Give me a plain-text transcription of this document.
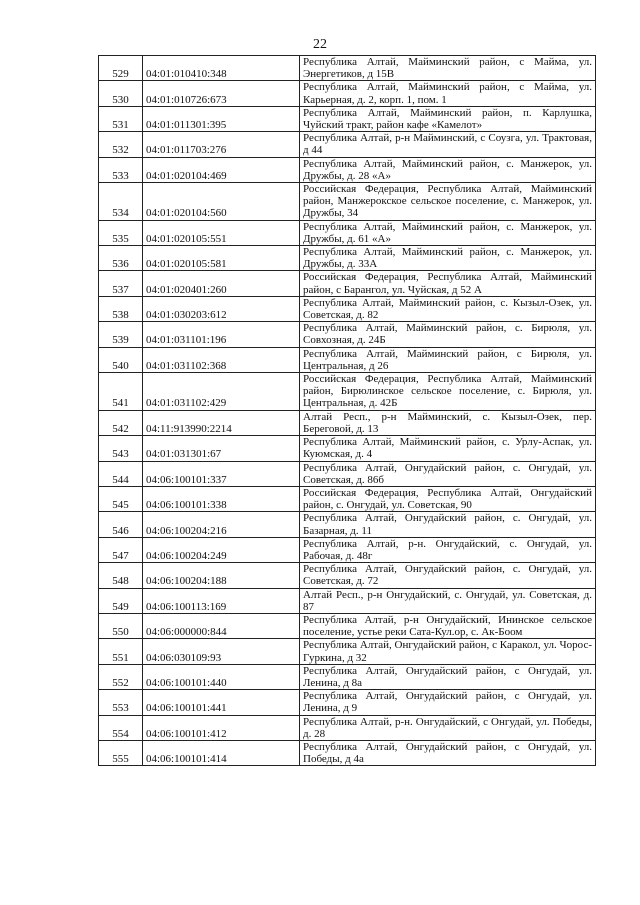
22
529	04:01:010410:348	Республика Алтай, Майминский район, с Майма, ул. Энергетиков, д 15В
530	04:01:010726:673	Республика Алтай, Майминский район, с Майма, ул. Карьерная, д. 2, корп. 1, пом. 1
531	04:01:011301:395	Республика Алтай, Майминский район, п. Карлушка, Чуйский тракт, район кафе «Камелот»
532	04:01:011703:276	Республика Алтай, р-н Майминский, с Соузга, ул. Трактовая, д 44
533	04:01:020104:469	Республика Алтай, Майминский район, с. Манжерок, ул. Дружбы, д. 28 «А»
534	04:01:020104:560	Российская Федерация, Республика Алтай, Майминский район, Манжерокское сельское поселение, с. Манжерок, ул. Дружбы, 34
535	04:01:020105:551	Республика Алтай, Майминский район, с. Манжерок, ул. Дружбы, д. 61 «А»
536	04:01:020105:581	Республика Алтай, Майминский район, с. Манжерок, ул. Дружбы, д. 33А
537	04:01:020401:260	Российская Федерация, Республика Алтай, Майминский район, с Барангол, ул. Чуйская, д 52 А
538	04:01:030203:612	Республика Алтай, Майминский район, с. Кызыл-Озек, ул. Советская, д. 82
539	04:01:031101:196	Республика Алтай, Майминский район, с. Бирюля, ул. Совхозная, д. 24Б
540	04:01:031102:368	Республика Алтай, Майминский район, с Бирюля, ул. Центральная, д 26
541	04:01:031102:429	Российская Федерация, Республика Алтай, Майминский район, Бирюлинское сельское поселение, с. Бирюля, ул. Центральная, д. 42Б
542	04:11:913990:2214	Алтай Респ., р-н Майминский, с. Кызыл-Озек, пер. Береговой, д. 13
543	04:01:031301:67	Республика Алтай, Майминский район, с. Урлу-Аспак, ул. Куюмская, д. 4
544	04:06:100101:337	Республика Алтай, Онгудайский район, с. Онгудай, ул. Советская, д. 86б
545	04:06:100101:338	Российская Федерация, Республика Алтай, Онгудайский район, с. Онгудай, ул. Советская, 90
546	04:06:100204:216	Республика Алтай, Онгудайский район, с. Онгудай, ул. Базарная, д. 11
547	04:06:100204:249	Республика Алтай, р-н. Онгудайский, с. Онгудай, ул. Рабочая, д. 48г
548	04:06:100204:188	Республика Алтай, Онгудайский район, с. Онгудай, ул. Советская, д. 72
549	04:06:100113:169	Алтай Респ., р-н Онгудайский, с. Онгудай, ул. Советская, д. 87
550	04:06:000000:844	Республика Алтай, р-н Онгудайский, Ининское сельское поселение, устье реки Сата-Кул.ор, с. Ак-Боом
551	04:06:030109:93	Республика Алтай, Онгудайский район, с Каракол, ул. Чорос-Гуркина, д 32
552	04:06:100101:440	Республика Алтай, Онгудайский район, с Онгудай, ул. Ленина, д 8а
553	04:06:100101:441	Республика Алтай, Онгудайский район, с Онгудай, ул. Ленина, д 9
554	04:06:100101:412	Республика Алтай, р-н. Онгудайский, с Онгудай, ул. Победы, д. 28
555	04:06:100101:414	Республика Алтай, Онгудайский район, с Онгудай, ул. Победы, д 4а
